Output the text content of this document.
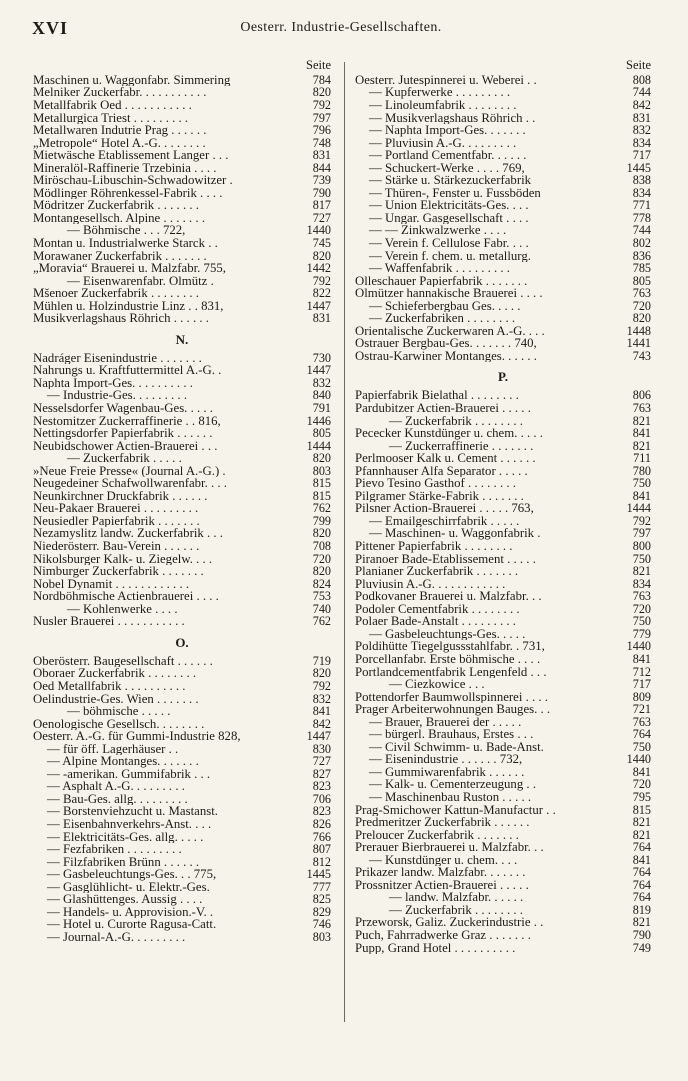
XVI	Oesterr. Industrie-Gesellschaften.
Seite
Maschinen u. Waggonfabr. Simmering	784
Melniker Zuckerfabr. . . . . . . . . . .	820
Metallfabrik Oed . . . . . . . . . . .	792
Metallurgica Triest . . . . . . . . .	797
Metallwaren Indutrie Prag . . . . . .	796
„Metropole“ Hotel A.-G. . . . . . . .	748
Mietwäsche Etablissement Langer . . .	831
Mineralöl-Raffinerie Trzebinia . . . .	844
Miröschau-Libuschin-Schwadowitzer .	739
Mödlinger Röhrenkessel-Fabrik . . . .	790
Mödritzer Zuckerfabrik . . . . . . .	817
Montangesellsch. Alpine . . . . . . .	727
— Böhmische . . . 722,	1440
Montan u. Industrialwerke Starck . .	745
Morawaner Zuckerfabrik . . . . . . .	820
„Moravia“ Brauerei u. Malzfabr. 755,	1442
— Eisenwarenfabr. Olmütz .	792
Mšenoer Zuckerfabrik . . . . . . . .	822
Mühlen u. Holzindustrie Linz . . 831,	1447
Musikverlagshaus Röhrich . . . . . .	831
N.
Nadráger Eisenindustrie . . . . . . .	730
Nahrungs u. Kraftfuttermittel A.-G. .	1447
Naphta Import-Ges. . . . . . . . . .	832
— Industrie-Ges. . . . . . . . .	840
Nesselsdorfer Wagenbau-Ges. . . . .	791
Nestomitzer Zuckerraffinerie . . 816,	1446
Nettingsdorfer Papierfabrik . . . . . .	805
Neubidschower Actien-Brauerei . . .	1444
— Zuckerfabrik . . . . .	820
»Neue Freie Presse« (Journal A.-G.) .	803
Neugedeiner Schafwollwarenfabr. . . .	815
Neunkirchner Druckfabrik . . . . . .	815
Neu-Pakaer Brauerei . . . . . . . . .	762
Neusiedler Papierfabrik . . . . . . .	799
Nezamyslitz landw. Zuckerfabrik . . .	820
Niederösterr. Bau-Verein . . . . . .	708
Nikolsburger Kalk- u. Ziegelw. . . .	720
Nimburger Zuckerfabrik . . . . . . .	820
Nobel Dynamit . . . . . . . . . . . .	824
Nordböhmische Actienbrauerei . . . .	753
— Kohlenwerke . . . .	740
Nusler Brauerei . . . . . . . . . . .	762
O.
Oberösterr. Baugesellschaft . . . . . .	719
Oboraer Zuckerfabrik . . . . . . . .	820
Oed Metallfabrik . . . . . . . . . .	792
Oelindustrie-Ges. Wien . . . . . . .	832
— böhmische . . . . .	841
Oenologische Gesellsch. . . . . . . .	842
Oesterr. A.-G. für Gummi-Industrie 828,	1447
— für öff. Lagerhäuser . .	830
— Alpine Montanges. . . . . . .	727
— -amerikan. Gummifabrik . . .	827
— Asphalt A.-G. . . . . . . . .	823
— Bau-Ges. allg. . . . . . . . .	706
— Borstenviehzucht u. Mastanst.	823
— Eisenbahnverkehrs-Anst. . . .	826
— Elektricitäts-Ges. allg. . . . .	766
— Fezfabriken . . . . . . . . .	807
— Filzfabriken Brünn . . . . . .	812
— Gasbeleuchtungs-Ges. . . 775,	1445
— Gasglühlicht- u. Elektr.-Ges.	777
— Glashüttenges. Aussig . . . .	825
— Handels- u. Approvision.-V. .	829
— Hotel u. Curorte Ragusa-Catt.	746
— Journal-A.-G. . . . . . . . .	803
Seite
Oesterr. Jutespinnerei u. Weberei . .	808
— Kupferwerke . . . . . . . . .	744
— Linoleumfabrik . . . . . . . .	842
— Musikverlagshaus Röhrich . .	831
— Naphta Import-Ges. . . . . . .	832
— Pluviusin A.-G. . . . . . . . .	834
— Portland Cementfabr. . . . . .	717
— Schuckert-Werke . . . . 769,	1445
— Stärke u. Stärkezuckerfabrik	838
— Thüren-, Fenster u. Fussböden	834
— Union Elektricitäts-Ges. . . .	771
— Ungar. Gasgesellschaft . . . .	778
— — Zinkwalzwerke . . . .	744
— Verein f. Cellulose Fabr. . . .	802
— Verein f. chem. u. metallurg.	836
— Waffenfabrik . . . . . . . . .	785
Olleschauer Papierfabrik . . . . . . .	805
Olmützer hannakische Brauerei . . . .	763
— Schieferbergbau Ges. . . . .	720
— Zuckerfabriken . . . . . . . .	820
Orientalische Zuckerwaren A.-G. . . .	1448
Ostrauer Bergbau-Ges. . . . . . . 740,	1441
Ostrau-Karwiner Montanges. . . . . .	743
P.
Papierfabrik Bielathal . . . . . . . .	806
Pardubitzer Actien-Brauerei . . . . .	763
— Zuckerfabrik . . . . . . . .	821
Pececker Kunstdünger u. chem. . . . .	841
— Zuckerraffinerie . . . . . . .	821
Perlmooser Kalk u. Cement . . . . . .	711
Pfannhauser Alfa Separator . . . . .	780
Pievo Tesino Gasthof . . . . . . . .	750
Pilgramer Stärke-Fabrik . . . . . . .	841
Pilsner Action-Brauerei . . . . . 763,	1444
— Emailgeschirrfabrik . . . . .	792
— Maschinen- u. Waggonfabrik .	797
Pittener Papierfabrik . . . . . . . .	800
Piranoer Bade-Etablissement . . . . .	750
Planianer Zuckerfabrik . . . . . . .	821
Pluviusin A.-G. . . . . . . . . . . .	834
Podkovaner Brauerei u. Malzfabr. . .	763
Podoler Cementfabrik . . . . . . . .	720
Polaer Bade-Anstalt . . . . . . . . .	750
— Gasbeleuchtungs-Ges. . . . .	779
Poldihütte Tiegelgussstahlfabr. . 731,	1440
Porcellanfabr. Erste böhmische . . . .	841
Portlandcementfabrik Lengenfeld . . .	712
— Ciezkowice . . .	717
Pottendorfer Baumwollspinnerei . . . .	809
Prager Arbeiterwohnungen Bauges. . .	721
— Brauer, Brauerei der . . . . .	763
— bürgerl. Brauhaus, Erstes . . .	764
— Civil Schwimm- u. Bade-Anst.	750
— Eisenindustrie . . . . . . 732,	1440
— Gummiwarenfabrik . . . . . .	841
— Kalk- u. Cementerzeugung . .	720
— Maschinenbau Ruston . . . . .	795
Prag-Smichower Kattun-Manufactur . .	815
Predmeritzer Zuckerfabrik . . . . . .	821
Preloucer Zuckerfabrik . . . . . . .	821
Prerauer Bierbrauerei u. Malzfabr. . .	764
— Kunstdünger u. chem. . . .	841
Prikazer landw. Malzfabr. . . . . . .	764
Prossnitzer Actien-Brauerei . . . . .	764
— landw. Malzfabr. . . . . .	764
— Zuckerfabrik . . . . . . . .	819
Przeworsk, Galiz. Zuckerindustrie . .	821
Puch, Fahrradwerke Graz . . . . . . .	790
Pupp, Grand Hotel . . . . . . . . . .	749
